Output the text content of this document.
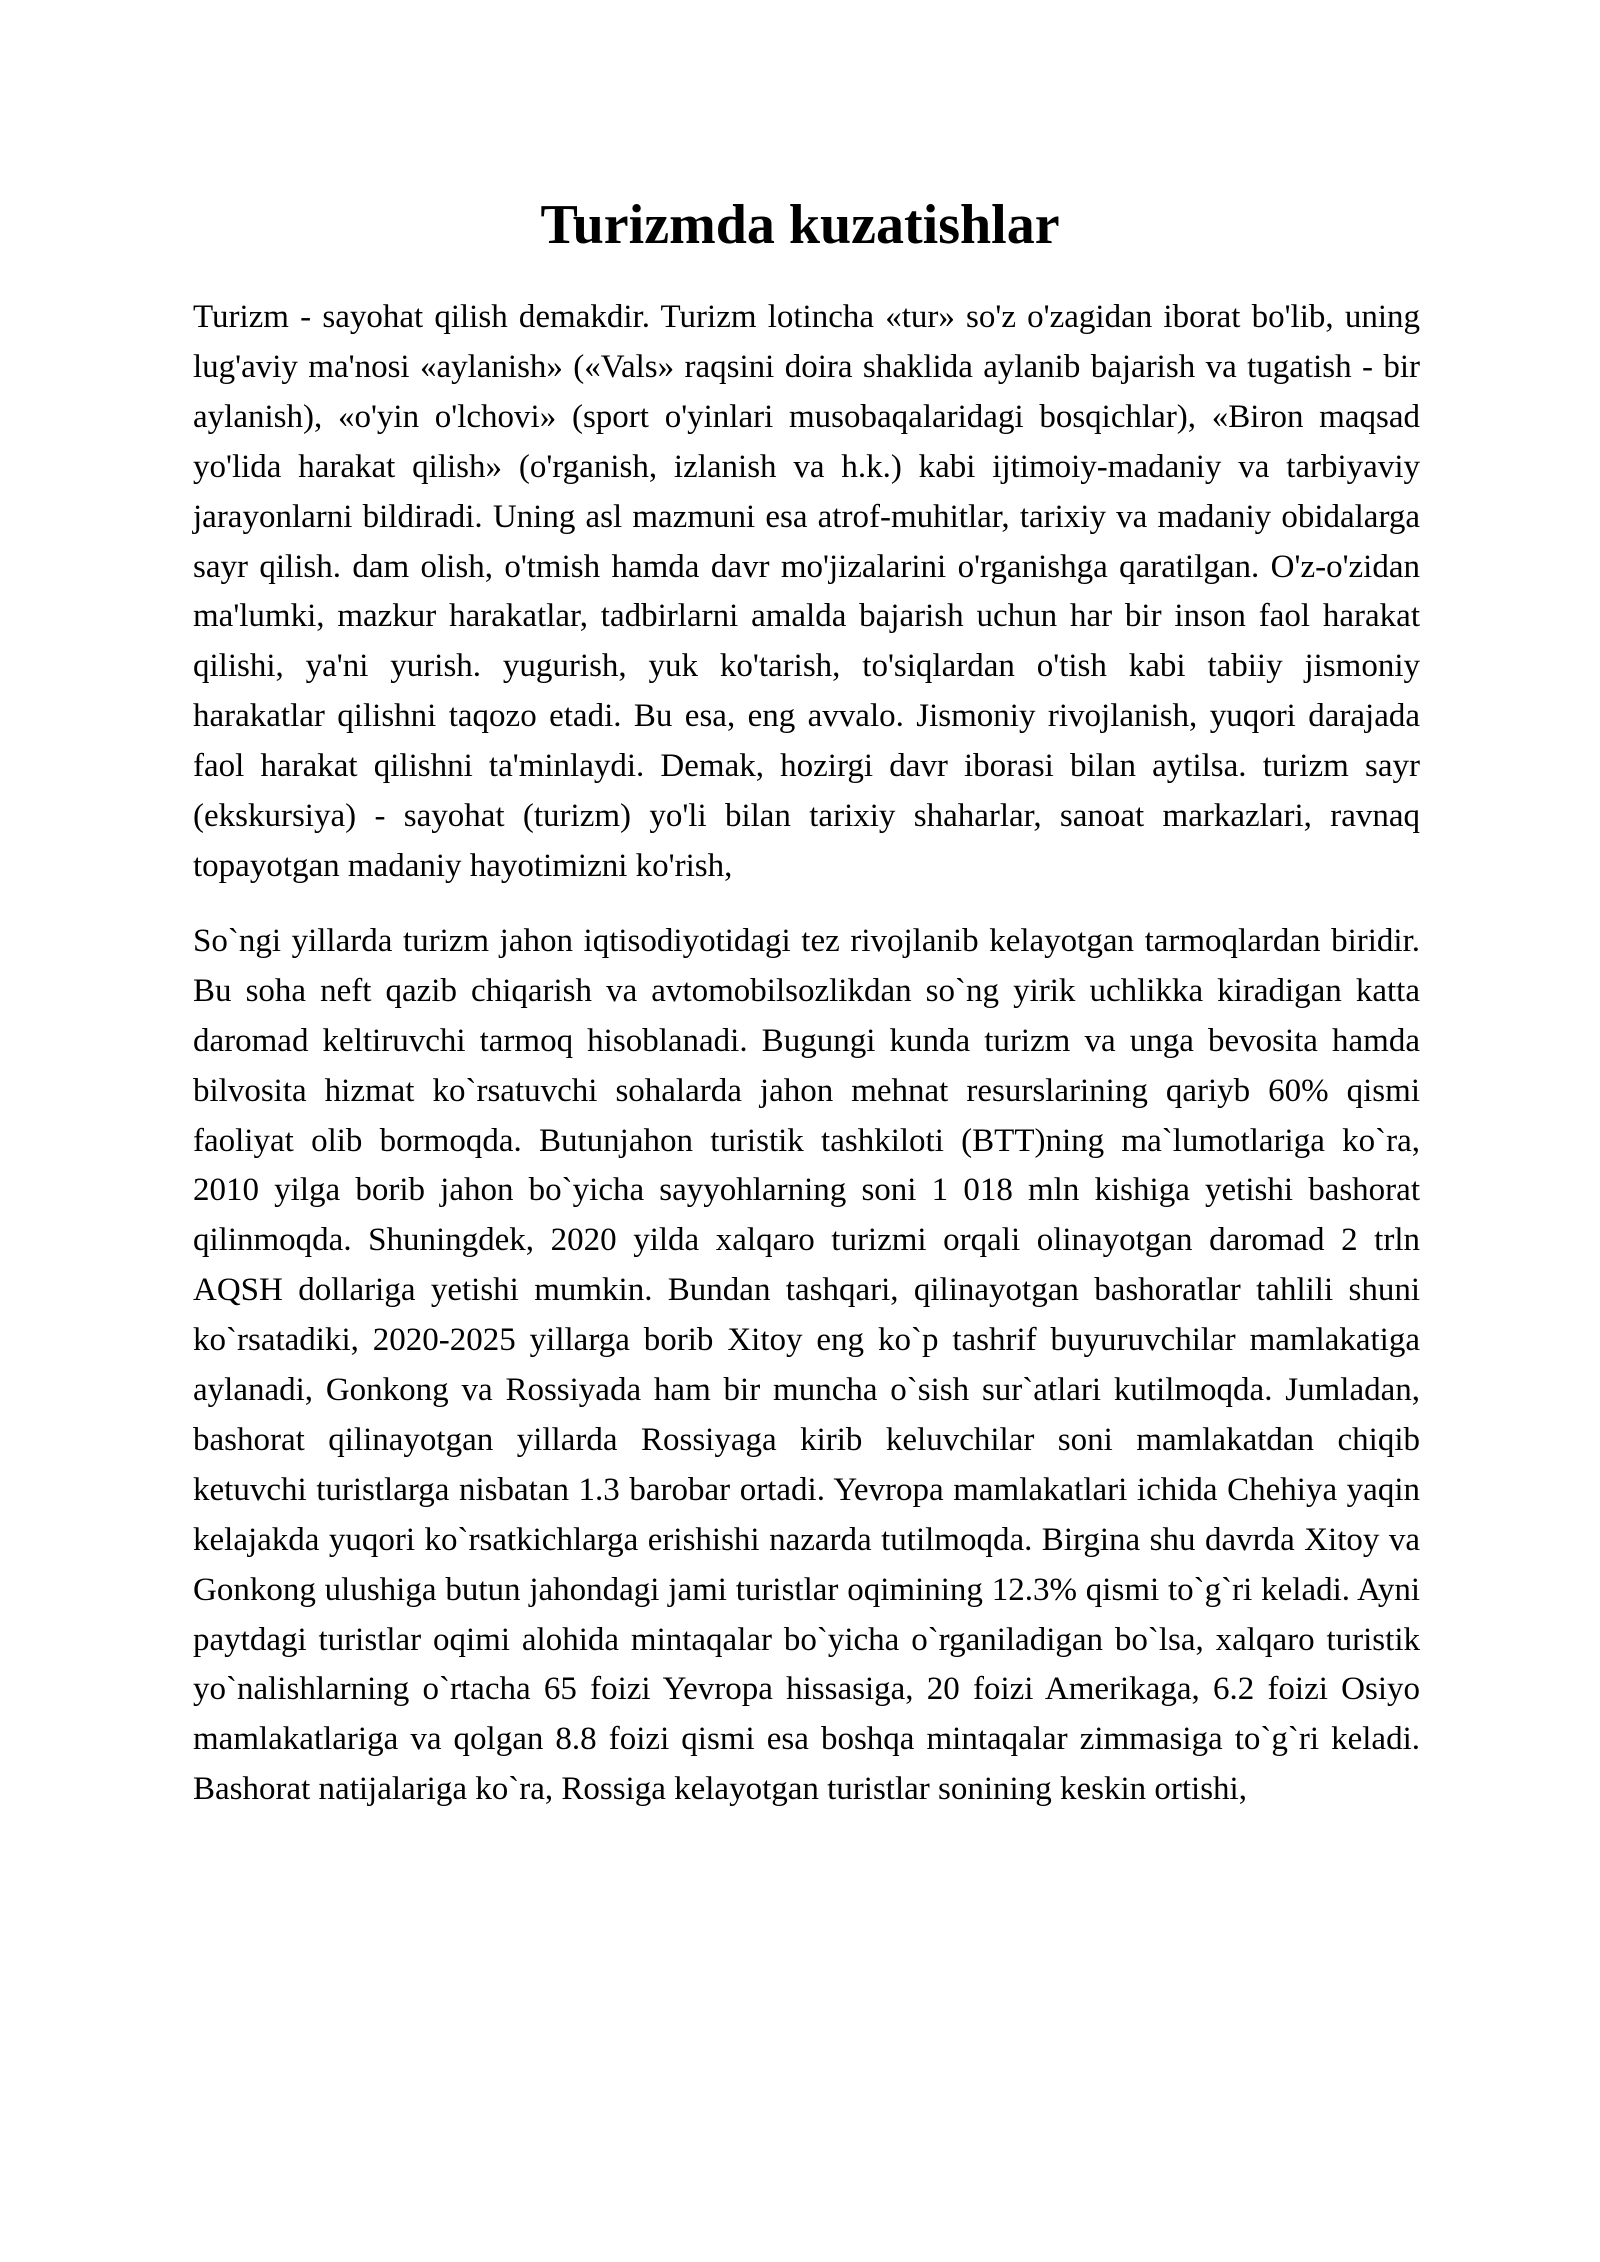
Turizmda kuzatishlar

Turizm - sayohat qilish demakdir. Turizm lotincha «tur» so'z o'zagidan iborat bo'lib, uning lug'aviy ma'nosi «aylanish» («Vals» raqsini doira shaklida aylanib bajarish va tugatish - bir aylanish), «o'yin o'lchovi» (sport o'yinlari musobaqalaridagi bosqichlar), «Biron maqsad yo'lida harakat qilish» (o'rganish, izlanish va h.k.) kabi ijtimoiy-madaniy va tarbiyaviy jarayonlarni bildiradi. Uning asl mazmuni esa atrof-muhitlar, tarixiy va madaniy obidalarga sayr qilish. dam olish, o'tmish hamda davr mo'jizalarini o'rganishga qaratilgan. O'z-o'zidan ma'lumki, mazkur harakatlar, tadbirlarni amalda bajarish uchun har bir inson faol harakat qilishi, ya'ni yurish. yugurish, yuk ko'tarish, to'siqlardan o'tish kabi tabiiy jismoniy harakatlar qilishni taqozo etadi. Bu esa, eng avvalo. Jismoniy rivojlanish, yuqori darajada faol harakat qilishni ta'minlaydi. Demak, hozirgi davr iborasi bilan aytilsa. turizm sayr (ekskursiya) - sayohat (turizm) yo'li bilan tarixiy shaharlar, sanoat markazlari, ravnaq topayotgan madaniy hayotimizni ko'rish,

So`ngi yillarda turizm jahon iqtisodiyotidagi tez rivojlanib kelayotgan tarmoqlardan biridir. Bu soha neft qazib chiqarish va avtomobilsozlikdan so`ng yirik uchlikka kiradigan katta daromad keltiruvchi tarmoq hisoblanadi. Bugungi kunda turizm va unga bevosita hamda bilvosita hizmat ko`rsatuvchi sohalarda jahon mehnat resurslarining qariyb 60% qismi faoliyat olib bormoqda. Butunjahon turistik tashkiloti (BTT)ning ma`lumotlariga ko`ra, 2010 yilga borib jahon bo`yicha sayyohlarning soni 1 018 mln kishiga yetishi bashorat qilinmoqda. Shuningdek, 2020 yilda xalqaro turizmi orqali olinayotgan daromad 2 trln AQSH dollariga yetishi mumkin. Bundan tashqari, qilinayotgan bashoratlar tahlili shuni ko`rsatadiki, 2020-2025 yillarga borib Xitoy eng ko`p tashrif buyuruvchilar mamlakatiga aylanadi, Gonkong va Rossiyada ham bir muncha o`sish sur`atlari kutilmoqda. Jumladan, bashorat qilinayotgan yillarda Rossiyaga kirib keluvchilar soni mamlakatdan chiqib ketuvchi turistlarga nisbatan 1.3 barobar ortadi. Yevropa mamlakatlari ichida Chehiya yaqin kelajakda yuqori ko`rsatkichlarga erishishi nazarda tutilmoqda. Birgina shu davrda Xitoy va Gonkong ulushiga butun jahondagi jami turistlar oqimining 12.3% qismi to`g`ri keladi. Ayni paytdagi turistlar oqimi alohida mintaqalar bo`yicha o`rganiladigan bo`lsa, xalqaro turistik yo`nalishlarning o`rtacha 65 foizi Yevropa hissasiga, 20 foizi Amerikaga, 6.2 foizi Osiyo mamlakatlariga va qolgan 8.8 foizi qismi esa boshqa mintaqalar zimmasiga to`g`ri keladi. Bashorat natijalariga ko`ra, Rossiga kelayotgan turistlar sonining keskin ortishi,
